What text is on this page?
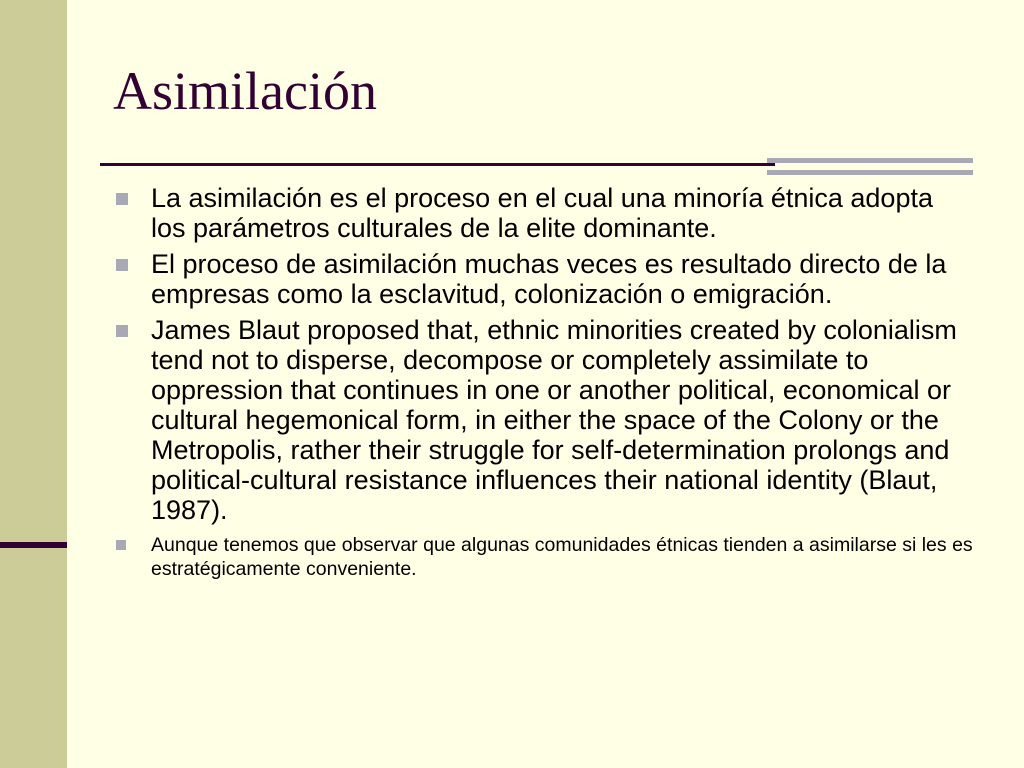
Asimilación
La asimilación es el proceso en el cual una minoría étnica adopta los parámetros culturales de la elite dominante.
El proceso de asimilación muchas veces es resultado directo de la empresas como la esclavitud, colonización o emigración.
James Blaut proposed that, ethnic minorities created by colonialism tend not to disperse, decompose or completely assimilate to oppression that continues in one or another political, economical or cultural hegemonical form, in either the space of the Colony or the Metropolis, rather their struggle for self-determination prolongs and political-cultural resistance influences their national identity (Blaut, 1987).
Aunque tenemos que observar que algunas comunidades étnicas tienden a asimilarse si les es estratégicamente conveniente.
